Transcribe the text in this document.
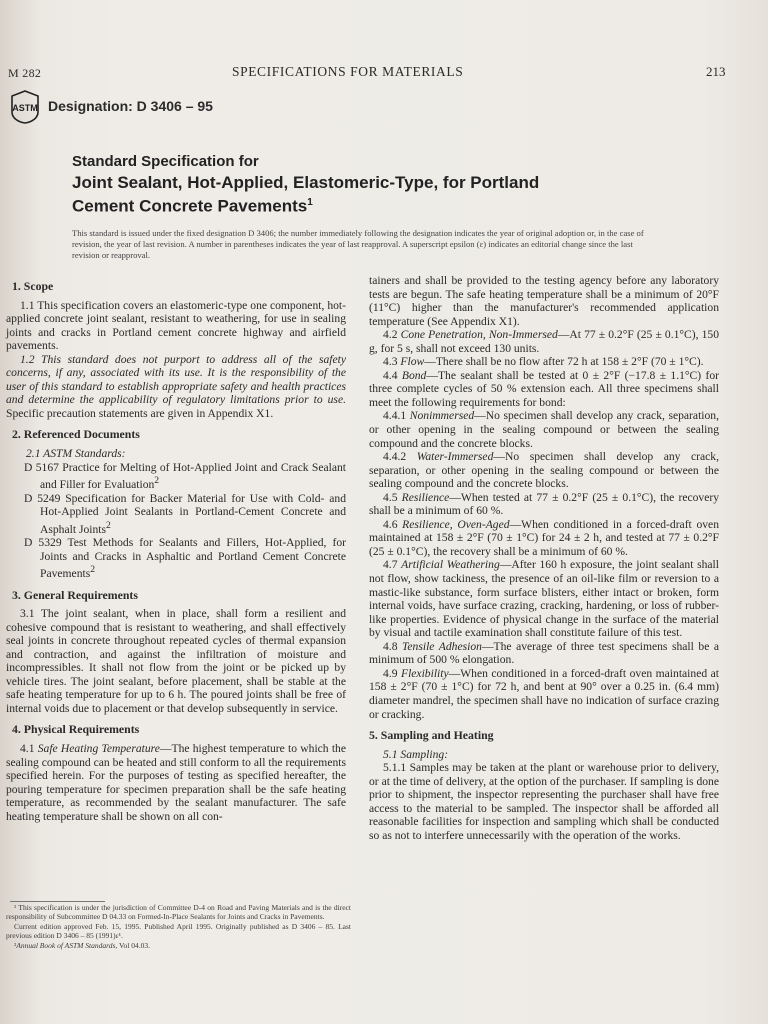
M 282	SPECIFICATIONS FOR MATERIALS	213
ASTM Designation: D 3406 – 95
Standard Specification for
Joint Sealant, Hot-Applied, Elastomeric-Type, for Portland
Cement Concrete Pavements$^1$
This standard is issued under the fixed designation D 3406; the number immediately following the designation indicates the year of original adoption or, in the case of revision, the year of last revision. A number in parentheses indicates the year of last reapproval. A superscript epsilon (ε) indicates an editorial change since the last revision or reapproval.
1. Scope

1.1 This specification covers an elastomeric-type one component, hot-applied concrete joint sealant, resistant to weathering, for use in sealing joints and cracks in Portland cement concrete highway and airfield pavements.

1.2 This standard does not purport to address all of the safety concerns, if any, associated with its use. It is the responsibility of the user of this standard to establish appropriate safety and health practices and determine the applicability of regulatory limitations prior to use. Specific precaution statements are given in Appendix X1.

2. Referenced Documents

2.1 ASTM Standards:

D 5167 Practice for Melting of Hot-Applied Joint and Crack Sealant and Filler for Evaluation$^2$

D 5249 Specification for Backer Material for Use with Cold- and Hot-Applied Joint Sealants in Portland-Cement Concrete and Asphalt Joints$^2$

D 5329 Test Methods for Sealants and Fillers, Hot-Applied, for Joints and Cracks in Asphaltic and Portland Cement Concrete Pavements$^2$

3. General Requirements

3.1 The joint sealant, when in place, shall form a resilient and cohesive compound that is resistant to weathering, and shall effectively seal joints in concrete throughout repeated cycles of thermal expansion and contraction, and against the infiltration of moisture and incompressibles. It shall not flow from the joint or be picked up by vehicle tires. The joint sealant, before placement, shall be stable at the safe heating temperature for up to 6 h. The poured joints shall be free of internal voids due to placement or that develop subsequently in service.

4. Physical Requirements

4.1 Safe Heating Temperature—The highest temperature to which the sealing compound can be heated and still conform to all the requirements specified herein. For the purposes of testing as specified hereafter, the pouring temperature for specimen preparation shall be the safe heating temperature, as recommended by the sealant manufacturer. The safe heating temperature shall be shown on all con-

¹ This specification is under the jurisdiction of Committee D-4 on Road and Paving Materials and is the direct responsibility of Subcommittee D 04.33 on Formed-In-Place Sealants for Joints and Cracks in Pavements.

Current edition approved Feb. 15, 1995. Published April 1995. Originally published as D 3406 – 85. Last previous edition D 3406 – 85 (1991)ε¹.

²Annual Book of ASTM Standards, Vol 04.03.

tainers and shall be provided to the testing agency before any laboratory tests are begun. The safe heating temperature shall be a minimum of 20°F (11°C) higher than the manufacturer's recommended application temperature (See Appendix X1).

4.2 Cone Penetration, Non-Immersed—At 77 ± 0.2°F (25 ± 0.1°C), 150 g, for 5 s, shall not exceed 130 units.

4.3 Flow—There shall be no flow after 72 h at 158 ± 2°F (70 ± 1°C).

4.4 Bond—The sealant shall be tested at 0 ± 2°F (−17.8 ± 1.1°C) for three complete cycles of 50 % extension each. All three specimens shall meet the following requirements for bond:

4.4.1 Nonimmersed—No specimen shall develop any crack, separation, or other opening in the sealing compound or between the sealing compound and the concrete blocks.

4.4.2 Water-Immersed—No specimen shall develop any crack, separation, or other opening in the sealing compound or between the sealing compound and the concrete blocks.

4.5 Resilience—When tested at 77 ± 0.2°F (25 ± 0.1°C), the recovery shall be a minimum of 60 %.

4.6 Resilience, Oven-Aged—When conditioned in a forced-draft oven maintained at 158 ± 2°F (70 ± 1°C) for 24 ± 2 h, and tested at 77 ± 0.2°F (25 ± 0.1°C), the recovery shall be a minimum of 60 %.

4.7 Artificial Weathering—After 160 h exposure, the joint sealant shall not flow, show tackiness, the presence of an oil-like film or reversion to a mastic-like substance, form surface blisters, either intact or broken, form internal voids, have surface crazing, cracking, hardening, or loss of rubber-like properties. Evidence of physical change in the surface of the material by visual and tactile examination shall constitute failure of this test.

4.8 Tensile Adhesion—The average of three test specimens shall be a minimum of 500 % elongation.

4.9 Flexibility—When conditioned in a forced-draft oven maintained at 158 ± 2°F (70 ± 1°C) for 72 h, and bent at 90° over a 0.25 in. (6.4 mm) diameter mandrel, the specimen shall have no indication of surface crazing or cracking.

5. Sampling and Heating

5.1 Sampling:

5.1.1 Samples may be taken at the plant or warehouse prior to delivery, or at the time of delivery, at the option of the purchaser. If sampling is done prior to shipment, the inspector representing the purchaser shall have free access to the material to be sampled. The inspector shall be afforded all reasonable facilities for inspection and sampling which shall be conducted so as not to interfere unnecessarily with the operation of the works.
